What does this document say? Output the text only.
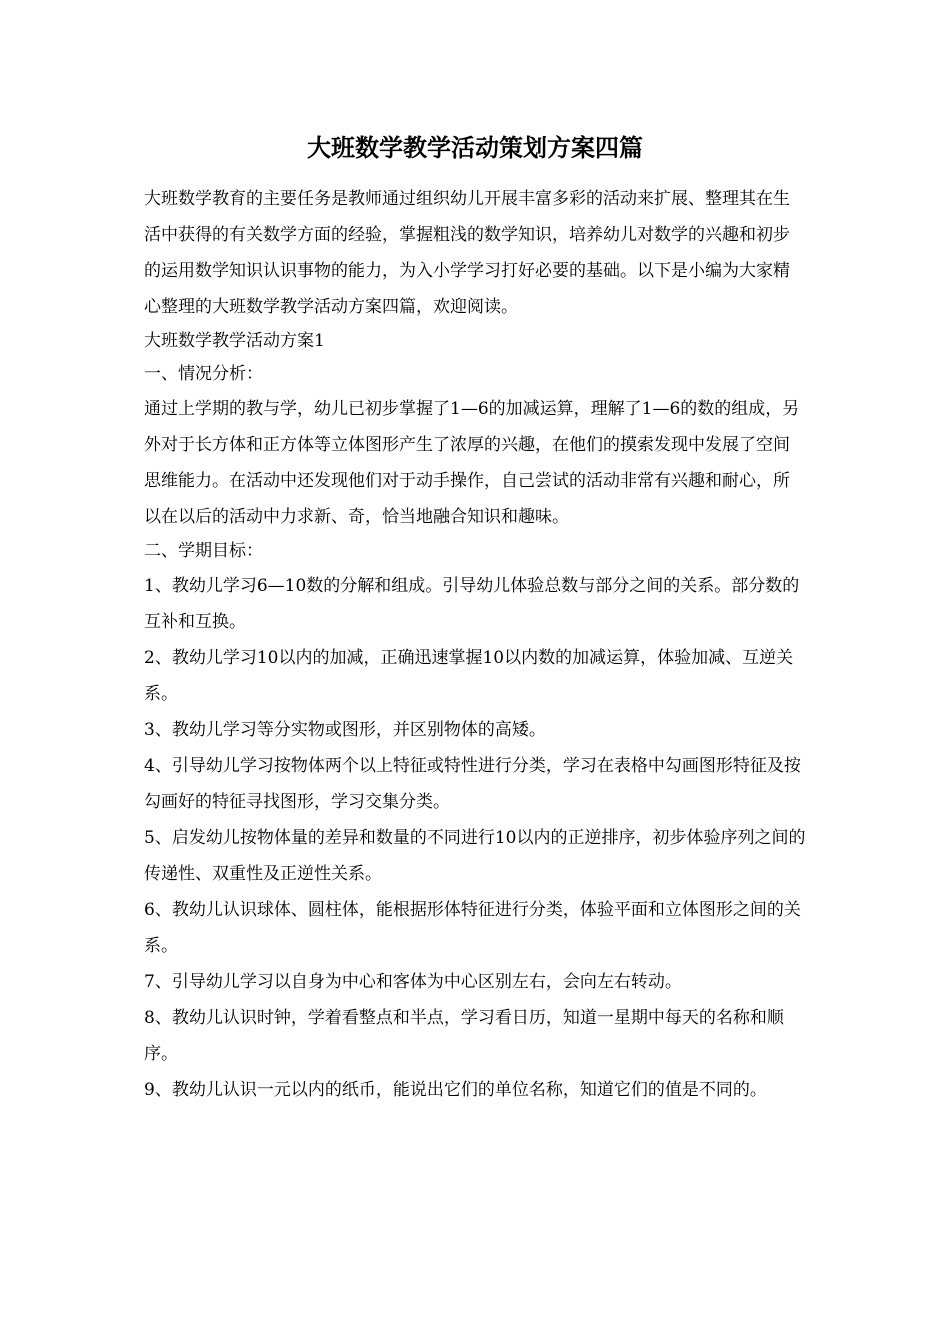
大班数学教学活动策划方案四篇

大班数学教育的主要任务是教师通过组织幼儿开展丰富多彩的活动来扩展、整理其在生活中获得的有关数学方面的经验，掌握粗浅的数学知识，培养幼儿对数学的兴趣和初步的运用数学知识认识事物的能力，为入小学学习打好必要的基础。以下是小编为大家精心整理的大班数学教学活动方案四篇，欢迎阅读。

大班数学教学活动方案1

一、情况分析：

通过上学期的教与学，幼儿已初步掌握了1—6的加减运算，理解了1—6的数的组成，另外对于长方体和正方体等立体图形产生了浓厚的兴趣，在他们的摸索发现中发展了空间思维能力。在活动中还发现他们对于动手操作，自己尝试的活动非常有兴趣和耐心，所以在以后的活动中力求新、奇，恰当地融合知识和趣味。

二、学期目标：

1、教幼儿学习6—10数的分解和组成。引导幼儿体验总数与部分之间的关系。部分数的互补和互换。

2、教幼儿学习10以内的加减，正确迅速掌握10以内数的加减运算，体验加减、互逆关系。

3、教幼儿学习等分实物或图形，并区别物体的高矮。

4、引导幼儿学习按物体两个以上特征或特性进行分类，学习在表格中勾画图形特征及按勾画好的特征寻找图形，学习交集分类。

5、启发幼儿按物体量的差异和数量的不同进行10以内的正逆排序，初步体验序列之间的传递性、双重性及正逆性关系。

6、教幼儿认识球体、圆柱体，能根据形体特征进行分类，体验平面和立体图形之间的关系。

7、引导幼儿学习以自身为中心和客体为中心区别左右，会向左右转动。

8、教幼儿认识时钟，学着看整点和半点，学习看日历，知道一星期中每天的名称和顺序。

9、教幼儿认识一元以内的纸币，能说出它们的单位名称，知道它们的值是不同的。
